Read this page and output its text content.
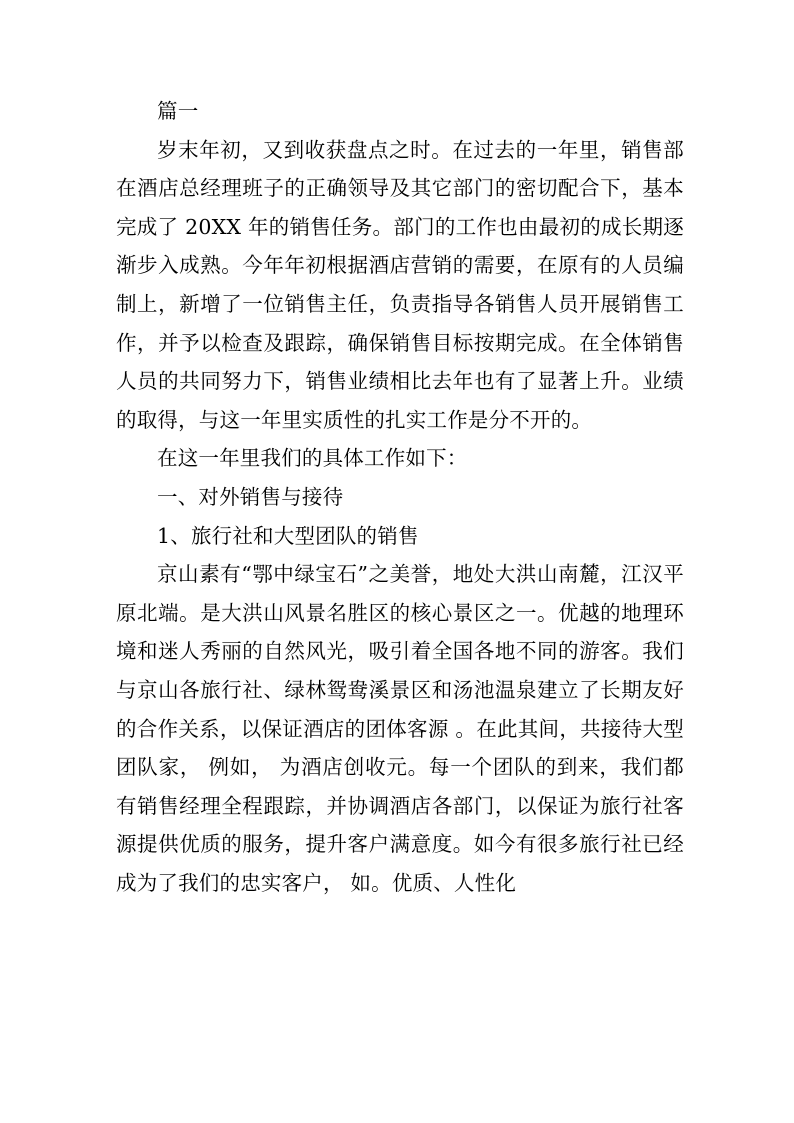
篇一

岁末年初，又到收获盘点之时。在过去的一年里，销售部在酒店总经理班子的正确领导及其它部门的密切配合下，基本完成了 20XX 年的销售任务。部门的工作也由最初的成长期逐渐步入成熟。今年年初根据酒店营销的需要，在原有的人员编制上，新增了一位销售主任，负责指导各销售人员开展销售工作，并予以检查及跟踪，确保销售目标按期完成。在全体销售人员的共同努力下，销售业绩相比去年也有了显著上升。业绩的取得，与这一年里实质性的扎实工作是分不开的。

在这一年里我们的具体工作如下：

一、对外销售与接待

1、旅行社和大型团队的销售

京山素有“鄂中绿宝石”之美誉，地处大洪山南麓，江汉平原北端。是大洪山风景名胜区的核心景区之一。优越的地理环境和迷人秀丽的自然风光，吸引着全国各地不同的游客。我们与京山各旅行社、绿林鸳鸯溪景区和汤池温泉建立了长期友好的合作关系，以保证酒店的团体客源 。在此其间，共接待大型团队家， 例如， 为酒店创收元。每一个团队的到来，我们都有销售经理全程跟踪，并协调酒店各部门，以保证为旅行社客源提供优质的服务，提升客户满意度。如今有很多旅行社已经成为了我们的忠实客户， 如。优质、人性化
